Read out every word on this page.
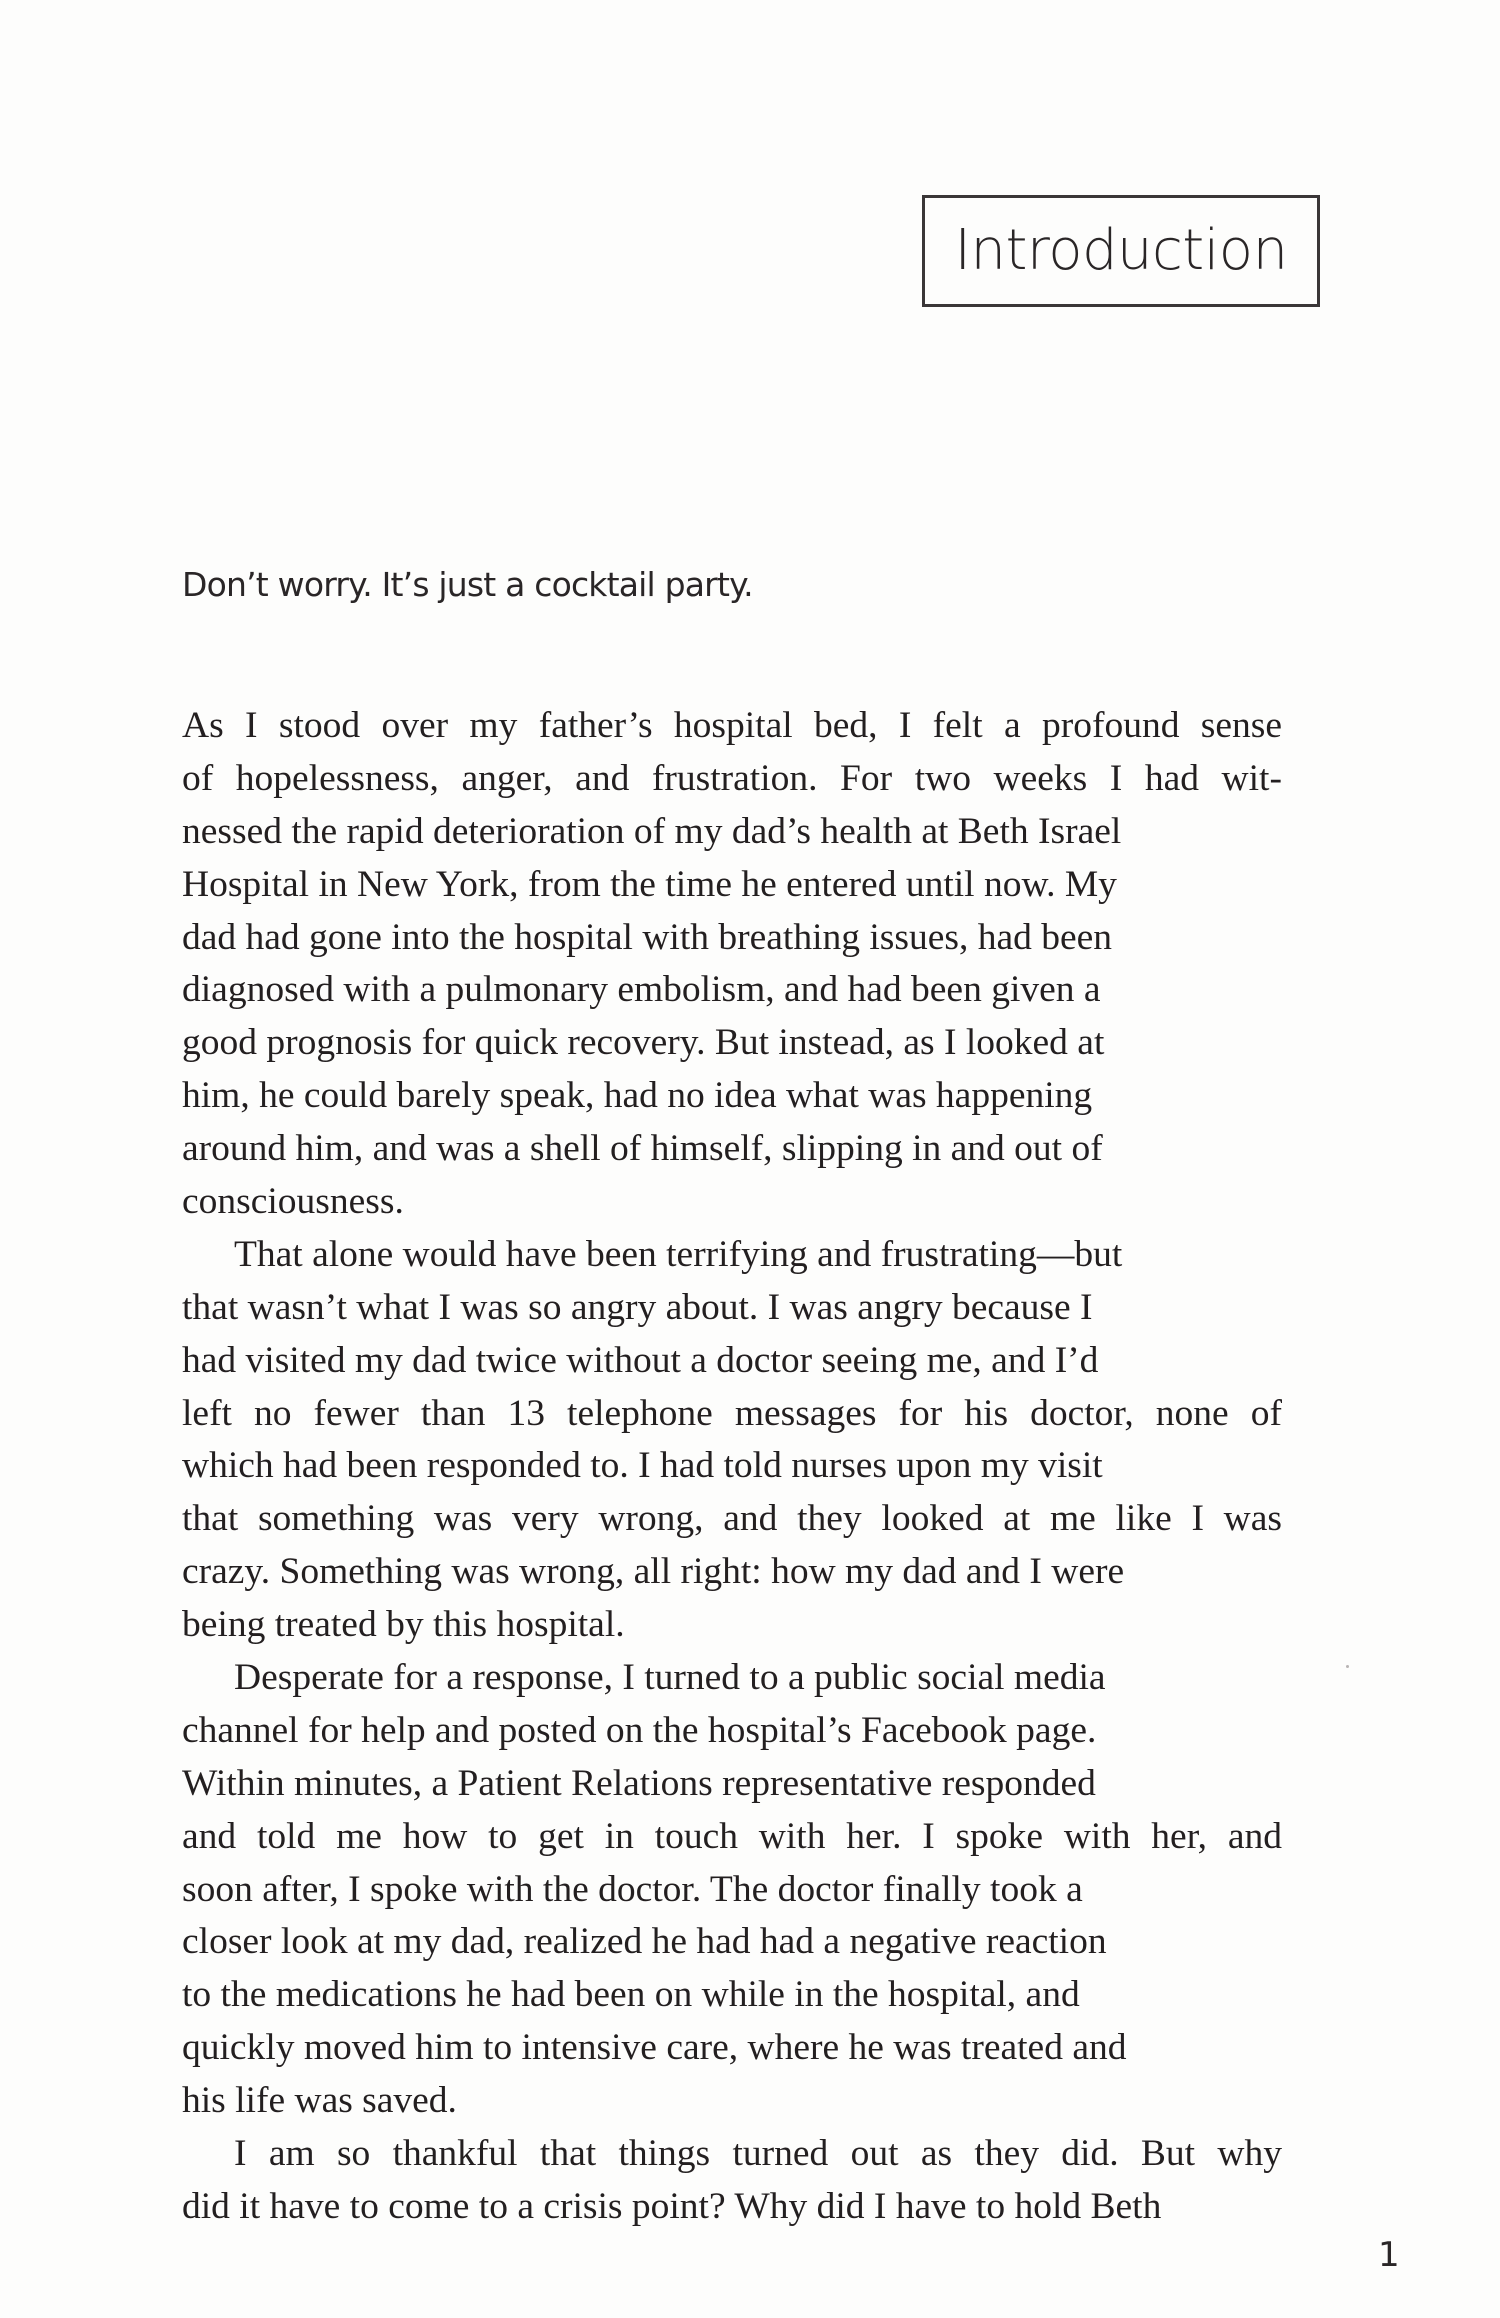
Introduction
Don’t worry. It’s just a cocktail party.
As I stood over my father’s hospital bed, I felt a profound sense
of hopelessness, anger, and frustration. For two weeks I had wit-
nessed the rapid deterioration of my dad’s health at Beth Israel
Hospital in New York, from the time he entered until now. My
dad had gone into the hospital with breathing issues, had been
diagnosed with a pulmonary embolism, and had been given a
good prognosis for quick recovery. But instead, as I looked at
him, he could barely speak, had no idea what was happening
around him, and was a shell of himself, slipping in and out of
consciousness.
That alone would have been terrifying and frustrating—but
that wasn’t what I was so angry about. I was angry because I
had visited my dad twice without a doctor seeing me, and I’d
left no fewer than 13 telephone messages for his doctor, none of
which had been responded to. I had told nurses upon my visit
that something was very wrong, and they looked at me like I was
crazy. Something was wrong, all right: how my dad and I were
being treated by this hospital.
Desperate for a response, I turned to a public social media
channel for help and posted on the hospital’s Facebook page.
Within minutes, a Patient Relations representative responded
and told me how to get in touch with her. I spoke with her, and
soon after, I spoke with the doctor. The doctor finally took a
closer look at my dad, realized he had had a negative reaction
to the medications he had been on while in the hospital, and
quickly moved him to intensive care, where he was treated and
his life was saved.
I am so thankful that things turned out as they did. But why
did it have to come to a crisis point? Why did I have to hold Beth
1
